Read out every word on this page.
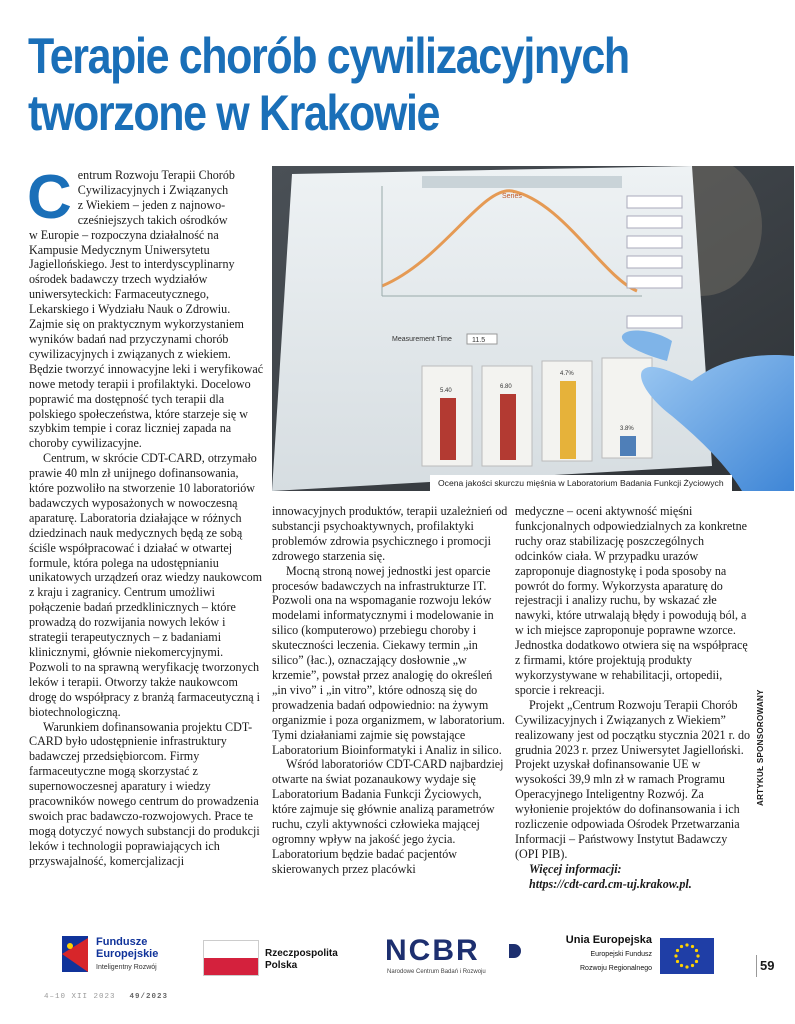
Terapie chorób cywilizacyjnych
tworzone w Krakowie

C entrum Rozwoju Terapii Chorób
Cywilizacyjnych i Związanych
z Wiekiem – jeden z najnowo-
cześniejszych takich ośrodków
w Europie – rozpoczyna działalność na Kampusie Medycznym Uniwersytetu Jagiellońskiego. Jest to interdyscyplinarny ośrodek badawczy trzech wydziałów uniwersyteckich: Farmaceutycznego, Lekarskiego i Wydziału Nauk o Zdrowiu. Zajmie się on praktycznym wykorzystaniem wyników badań nad przyczynami chorób cywilizacyjnych i związanych z wiekiem. Będzie tworzyć innowacyjne leki i weryfikować nowe metody terapii i profilaktyki. Docelowo poprawić ma dostępność tych terapii dla polskiego społeczeństwa, które starzeje się w szybkim tempie i coraz liczniej zapada na choroby cywilizacyjne.

Centrum, w skrócie CDT-CARD, otrzymało prawie 40 mln zł unijnego dofinansowania, które pozwoliło na stworzenie 10 laboratoriów badawczych wyposażonych w nowoczesną aparaturę. Laboratoria działające w różnych dziedzinach nauk medycznych będą ze sobą ściśle współpracować i działać w otwartej formule, która polega na udostępnianiu unikatowych urządzeń oraz wiedzy naukowcom z kraju i zagranicy. Centrum umożliwi połączenie badań przedklinicznych – które prowadzą do rozwijania nowych leków i strategii terapeutycznych – z badaniami klinicznymi, głównie niekomercyjnymi. Pozwoli to na sprawną weryfikację tworzonych leków i terapii. Otworzy także naukowcom drogę do współpracy z branżą farmaceutyczną i biotechnologiczną.

Warunkiem dofinansowania projektu CDT-CARD było udostępnienie infrastruktury badawczej przedsiębiorcom. Firmy farmaceutyczne mogą skorzystać z supernowoczesnej aparatury i wiedzy pracowników nowego centrum do prowadzenia swoich prac badawczo-rozwojowych. Prace te mogą dotyczyć nowych substancji do produkcji leków i technologii poprawiających ich przyswajalność, komercjalizacji

Series
Measurement Time	11.5
5.40
6.80
4.7%
3.8%
Ocena jakości skurczu mięśnia w Laboratorium Badania Funkcji Życiowych

innowacyjnych produktów, terapii uzależnień od substancji psychoaktywnych, profilaktyki problemów zdrowia psychicznego i promocji zdrowego starzenia się.

Mocną stroną nowej jednostki jest oparcie procesów badawczych na infrastrukturze IT. Pozwoli ona na wspomaganie rozwoju leków modelami informatycznymi i modelowanie in silico (komputerowo) przebiegu choroby i skuteczności leczenia. Ciekawy termin „in silico” (łac.), oznaczający dosłownie „w krzemie”, powstał przez analogię do określeń „in vivo” i „in vitro”, które odnoszą się do prowadzenia badań odpowiednio: na żywym organizmie i poza organizmem, w laboratorium. Tymi działaniami zajmie się powstające Laboratorium Bioinformatyki i Analiz in silico.

Wśród laboratoriów CDT-CARD najbardziej otwarte na świat pozanaukowy wydaje się Laboratorium Badania Funkcji Życiowych, które zajmuje się głównie analizą parametrów ruchu, czyli aktywności człowieka mającej ogromny wpływ na jakość jego życia. Laboratorium będzie badać pacjentów skierowanych przez placówki

medyczne – oceni aktywność mięśni funkcjonalnych odpowiedzialnych za konkretne ruchy oraz stabilizację poszczególnych odcinków ciała. W przypadku urazów zaproponuje diagnostykę i poda sposoby na powrót do formy. Wykorzysta aparaturę do rejestracji i analizy ruchu, by wskazać złe nawyki, które utrwalają błędy i powodują ból, a w ich miejsce zaproponuje poprawne wzorce. Jednostka dodatkowo otwiera się na współpracę z firmami, które projektują produkty wykorzystywane w rehabilitacji, ortopedii, sporcie i rekreacji.

Projekt „Centrum Rozwoju Terapii Chorób Cywilizacyjnych i Związanych z Wiekiem” realizowany jest od początku stycznia 2021 r. do grudnia 2023 r. przez Uniwersytet Jagielloński. Projekt uzyskał dofinansowanie UE w wysokości 39,9 mln zł w ramach Programu Operacyjnego Inteligentny Rozwój. Za wyłonienie projektów do dofinansowania i ich rozliczenie odpowiada Ośrodek Przetwarzania Informacji – Państwowy Instytut Badawczy (OPI PIB).

Więcej informacji:
https://cdt-card.cm-uj.krakow.pl.

ARTYKUŁ SPONSOROWANY
Fundusze
Europejskie
Inteligentny Rozwój
Rzeczpospolita
Polska	NCBR
Narodowe Centrum Badań i Rozwoju
Unia Europejska
Europejski Fundusz
Rozwoju Regionalnego	59
4–10 XII 2023 49/2023
